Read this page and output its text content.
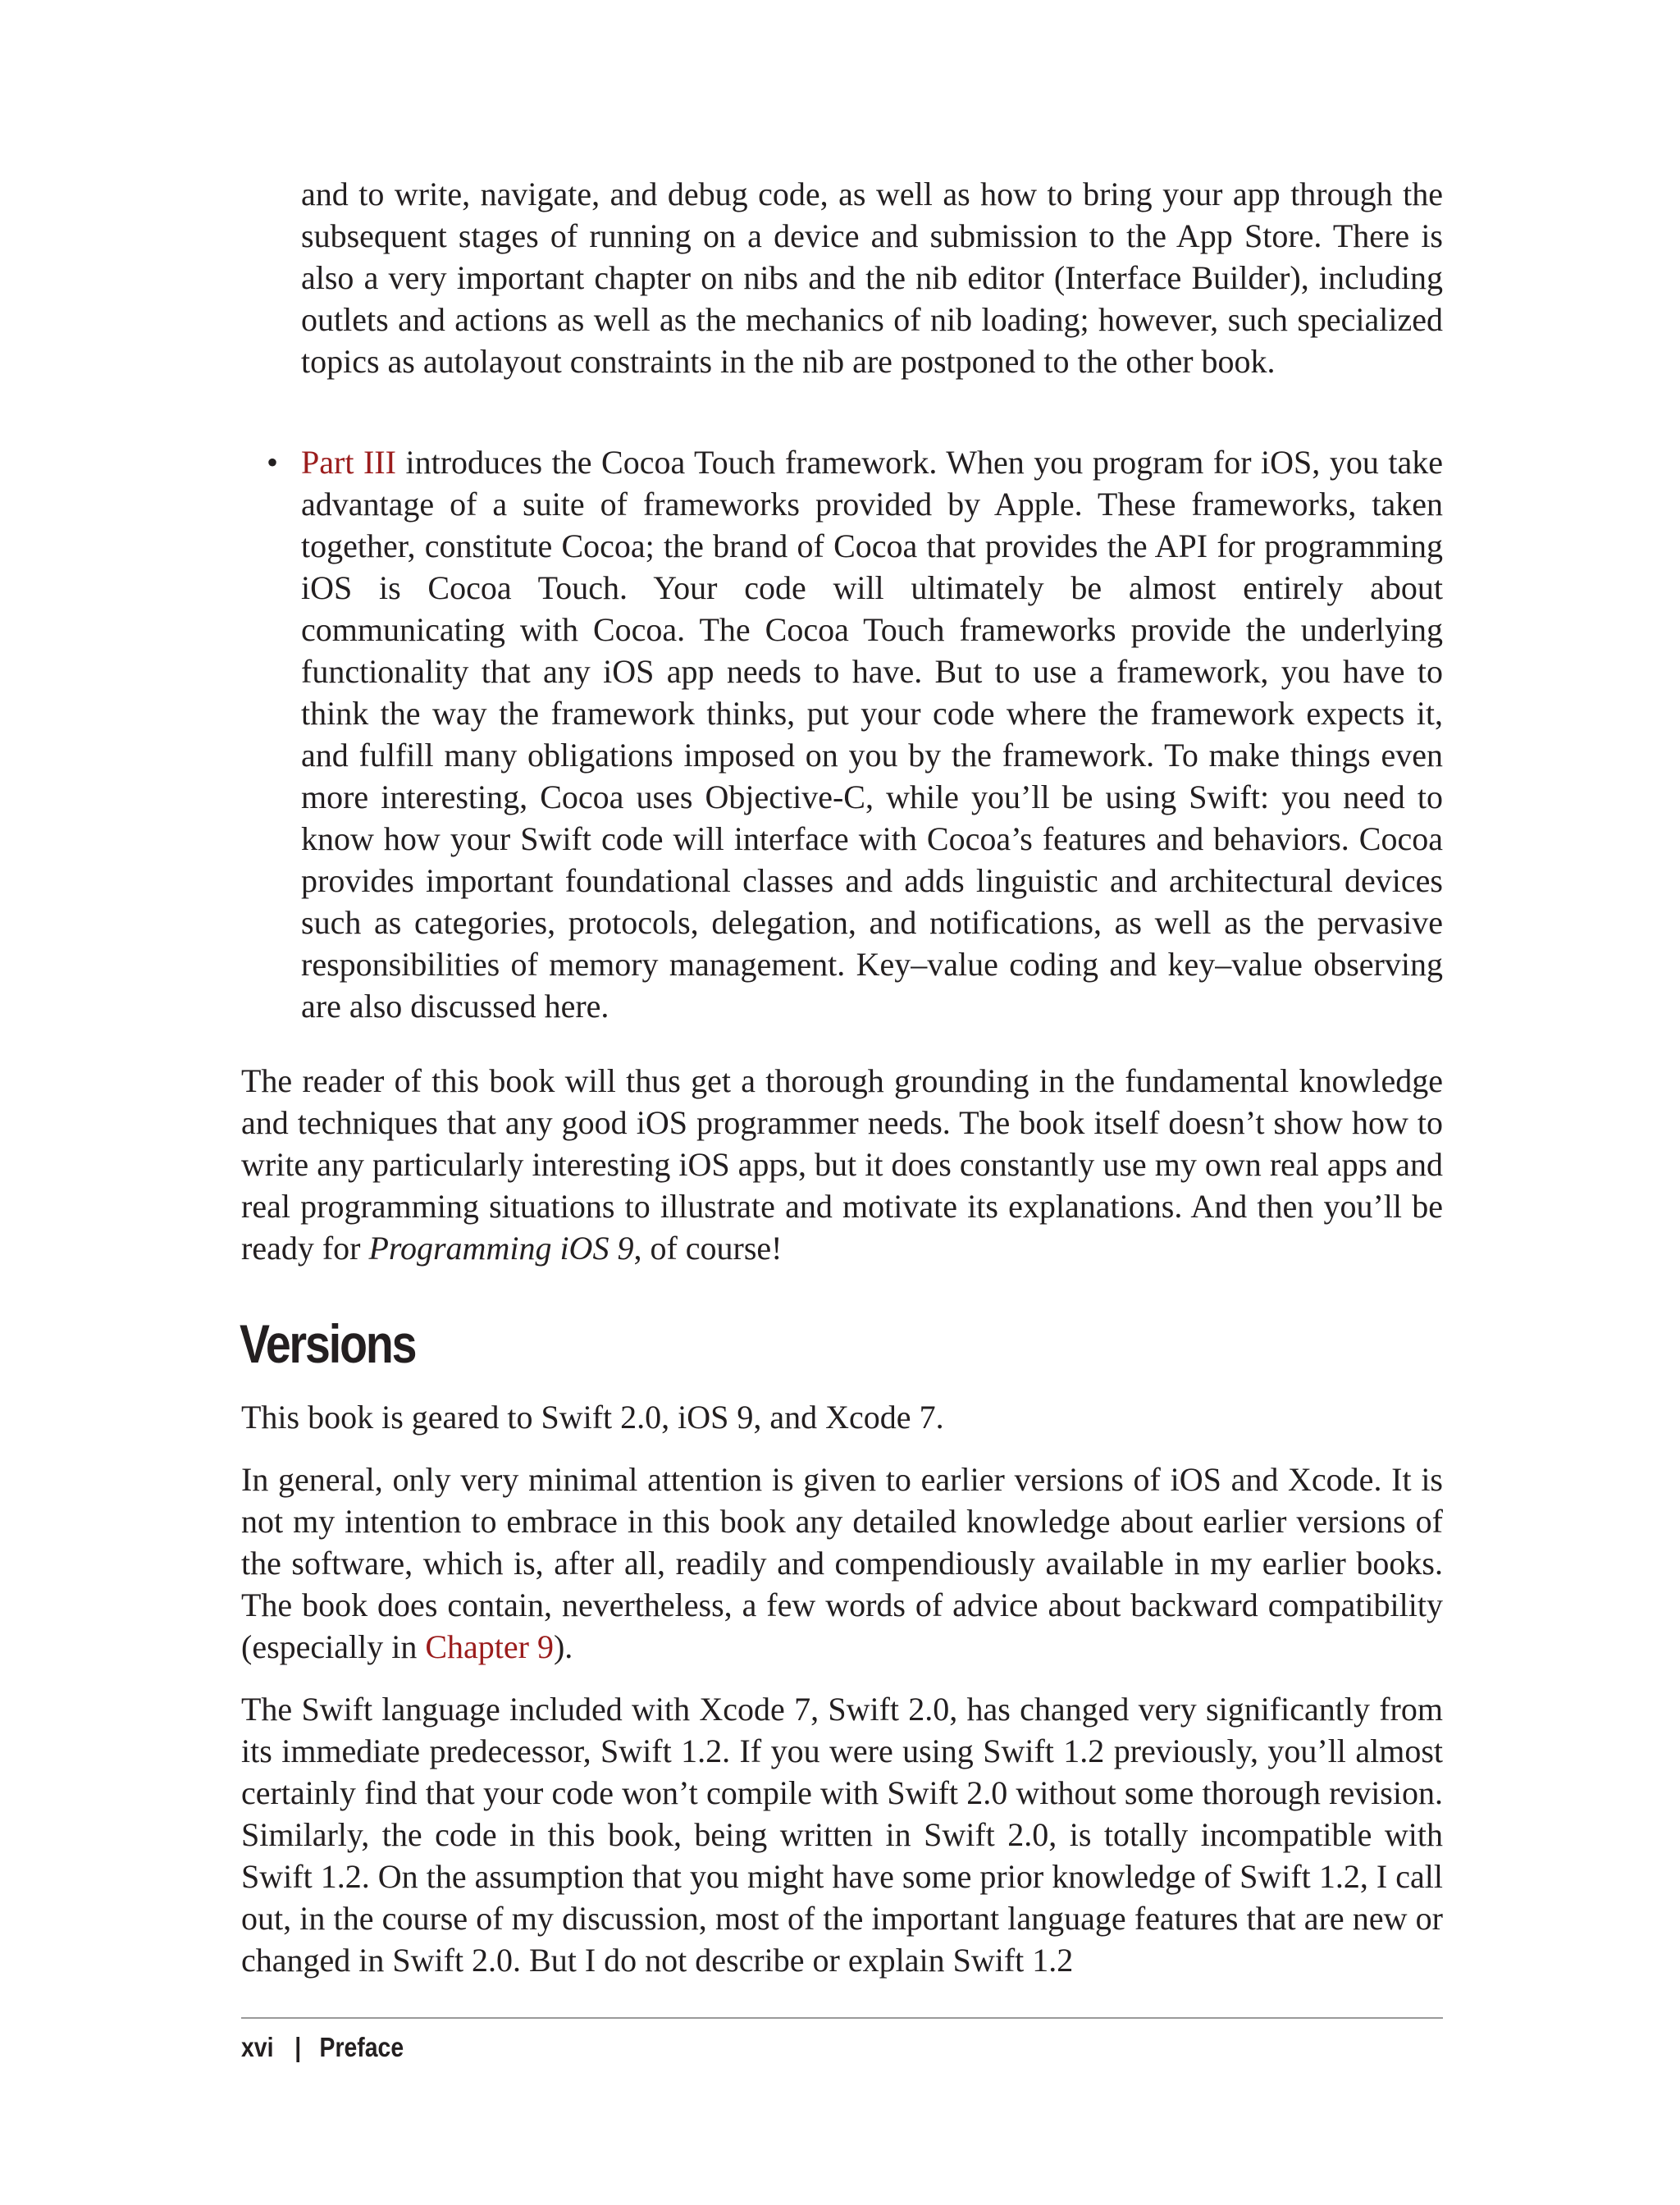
and to write, navigate, and debug code, as well as how to bring your app through the subsequent stages of running on a device and submission to the App Store. There is also a very important chapter on nibs and the nib editor (Interface Builder), including outlets and actions as well as the mechanics of nib loading; however, such specialized topics as autolayout constraints in the nib are postponed to the other book.

• Part III introduces the Cocoa Touch framework. When you program for iOS, you take advantage of a suite of frameworks provided by Apple. These frameworks, taken together, constitute Cocoa; the brand of Cocoa that provides the API for programming iOS is Cocoa Touch. Your code will ultimately be almost entirely about communicating with Cocoa. The Cocoa Touch frameworks provide the underlying functionality that any iOS app needs to have. But to use a framework, you have to think the way the framework thinks, put your code where the framework expects it, and fulfill many obligations imposed on you by the framework. To make things even more interesting, Cocoa uses Objective-C, while you’ll be using Swift: you need to know how your Swift code will interface with Cocoa’s features and behaviors. Cocoa provides important foundational classes and adds linguistic and architectural devices such as categories, protocols, delegation, and notifications, as well as the pervasive responsibilities of memory management. Key–value coding and key–value observing are also discussed here.

The reader of this book will thus get a thorough grounding in the fundamental knowledge and techniques that any good iOS programmer needs. The book itself doesn’t show how to write any particularly interesting iOS apps, but it does constantly use my own real apps and real programming situations to illustrate and motivate its explanations. And then you’ll be ready for Programming iOS 9, of course!

Versions

This book is geared to Swift 2.0, iOS 9, and Xcode 7.

In general, only very minimal attention is given to earlier versions of iOS and Xcode. It is not my intention to embrace in this book any detailed knowledge about earlier versions of the software, which is, after all, readily and compendiously available in my earlier books. The book does contain, nevertheless, a few words of advice about backward compatibility (especially in Chapter 9).

The Swift language included with Xcode 7, Swift 2.0, has changed very significantly from its immediate predecessor, Swift 1.2. If you were using Swift 1.2 previously, you’ll almost certainly find that your code won’t compile with Swift 2.0 without some thorough revision. Similarly, the code in this book, being written in Swift 2.0, is totally incompatible with Swift 1.2. On the assumption that you might have some prior knowledge of Swift 1.2, I call out, in the course of my discussion, most of the important language features that are new or changed in Swift 2.0. But I do not describe or explain Swift 1.2

xvi | Preface
